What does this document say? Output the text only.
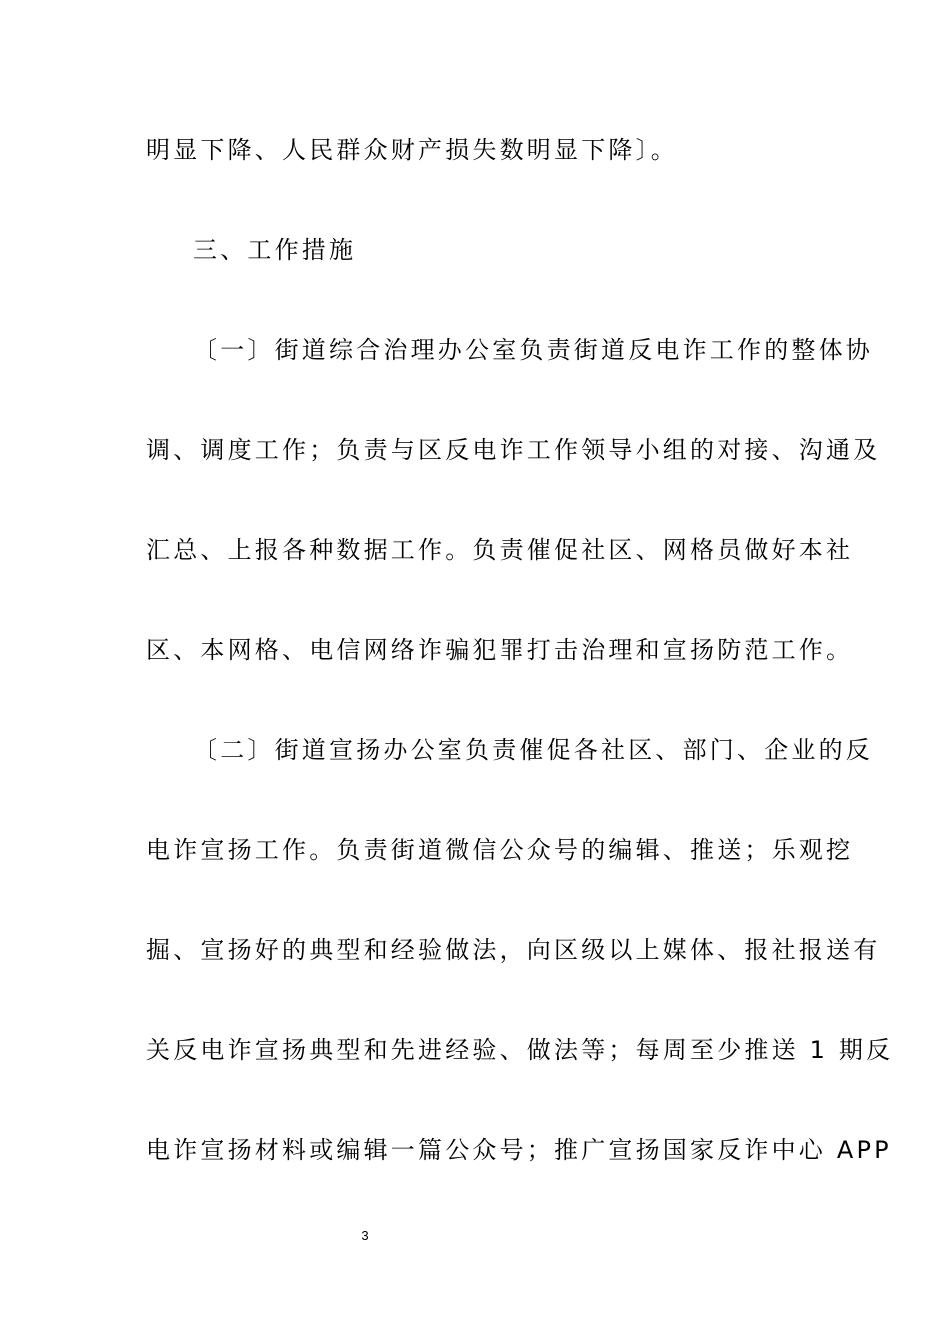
明显下降、人民群众财产损失数明显下降〕。
三、工作措施
〔一〕街道综合治理办公室负责街道反电诈工作的整体协
调、调度工作；负责与区反电诈工作领导小组的对接、沟通及
汇总、上报各种数据工作。负责催促社区、网格员做好本社
区、本网格、电信网络诈骗犯罪打击治理和宣扬防范工作。
〔二〕街道宣扬办公室负责催促各社区、部门、企业的反
电诈宣扬工作。负责街道微信公众号的编辑、推送；乐观挖
掘、宣扬好的典型和经验做法，向区级以上媒体、报社报送有
关反电诈宣扬典型和先进经验、做法等；每周至少推送 1 期反
电诈宣扬材料或编辑一篇公众号；推广宣扬国家反诈中心 APP
3
